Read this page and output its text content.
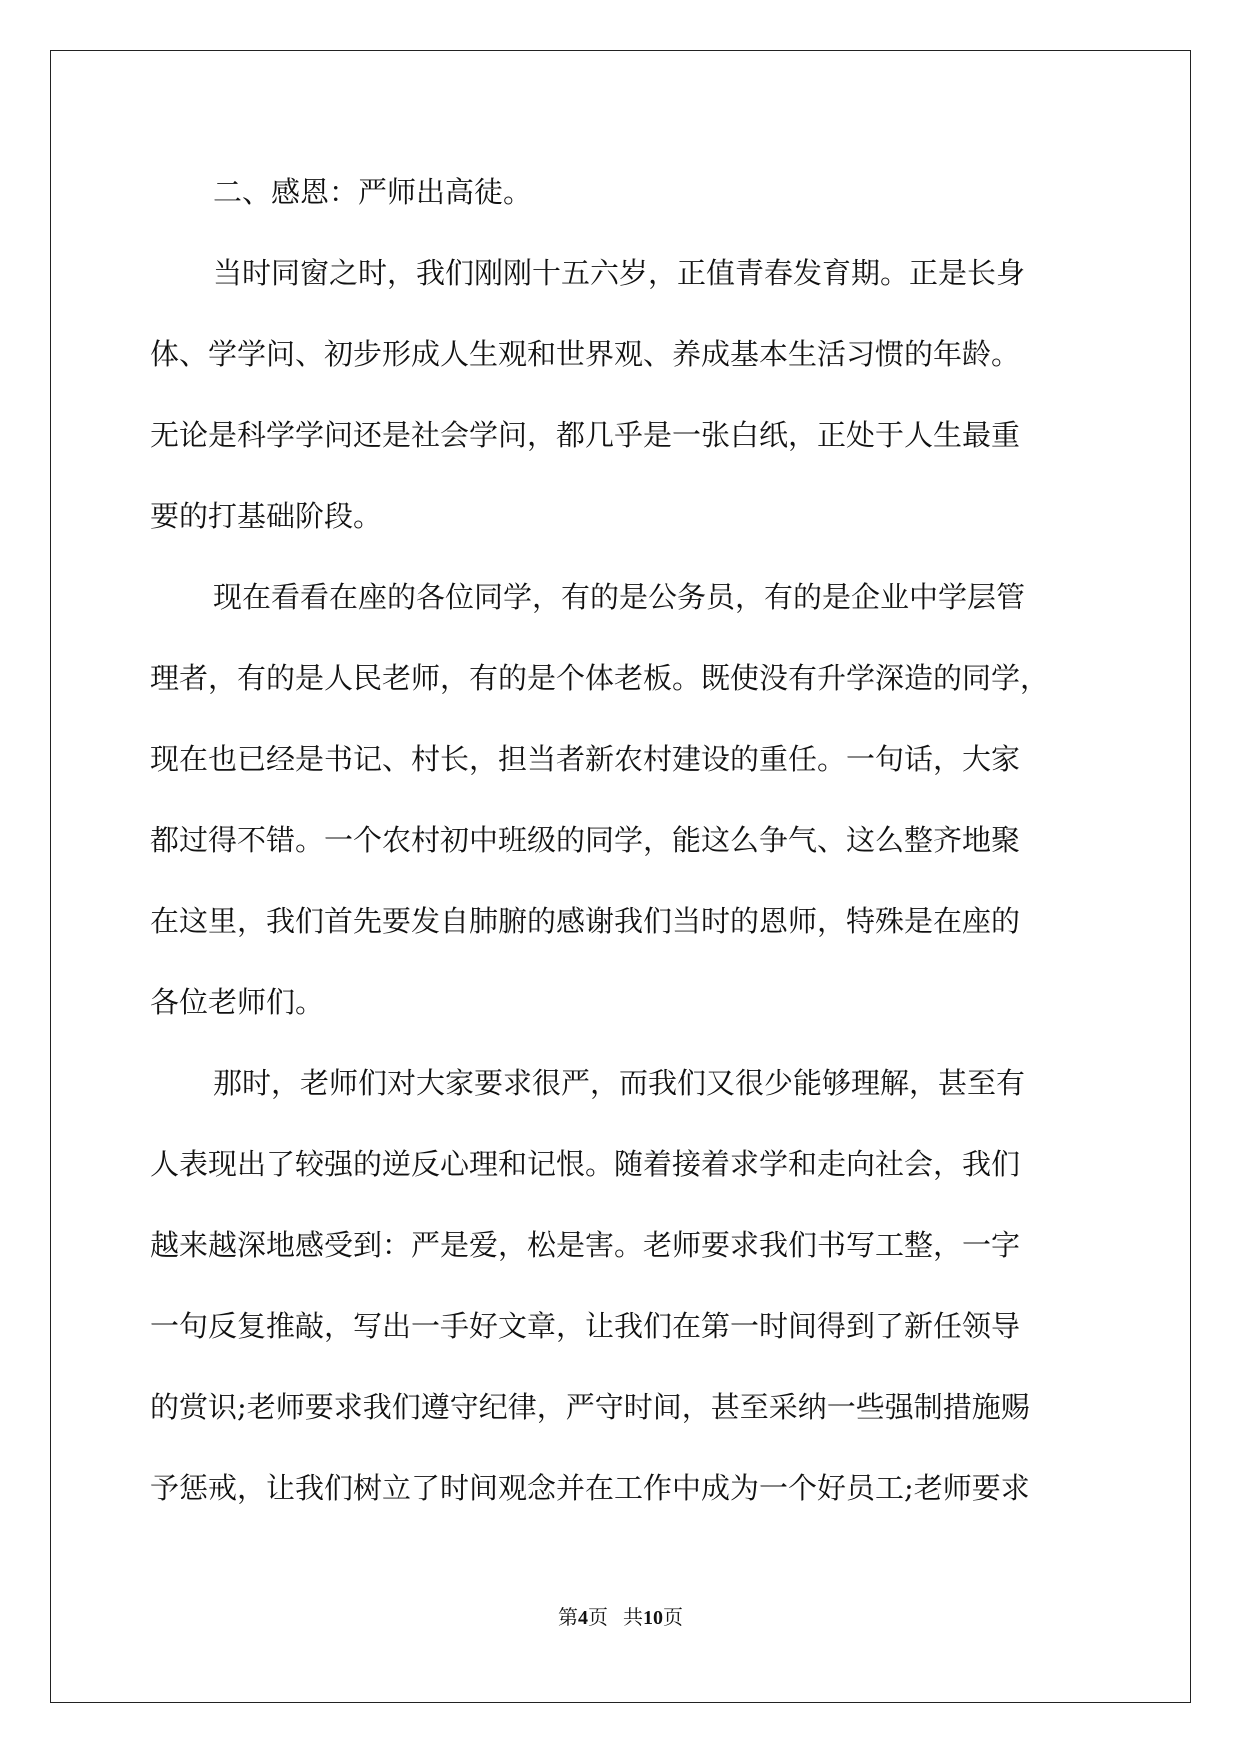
二、感恩：严师出高徒。
当时同窗之时，我们刚刚十五六岁，正值青春发育期。正是长身
体、学学问、初步形成人生观和世界观、养成基本生活习惯的年龄。
无论是科学学问还是社会学问，都几乎是一张白纸，正处于人生最重
要的打基础阶段。
现在看看在座的各位同学，有的是公务员，有的是企业中学层管
理者，有的是人民老师，有的是个体老板。既使没有升学深造的同学，
现在也已经是书记、村长，担当者新农村建设的重任。一句话，大家
都过得不错。一个农村初中班级的同学，能这么争气、这么整齐地聚
在这里，我们首先要发自肺腑的感谢我们当时的恩师，特殊是在座的
各位老师们。
那时，老师们对大家要求很严，而我们又很少能够理解，甚至有
人表现出了较强的逆反心理和记恨。随着接着求学和走向社会，我们
越来越深地感受到：严是爱，松是害。老师要求我们书写工整，一字
一句反复推敲，写出一手好文章，让我们在第一时间得到了新任领导
的赏识;老师要求我们遵守纪律，严守时间，甚至采纳一些强制措施赐
予惩戒，让我们树立了时间观念并在工作中成为一个好员工;老师要求
第4页 共10页
